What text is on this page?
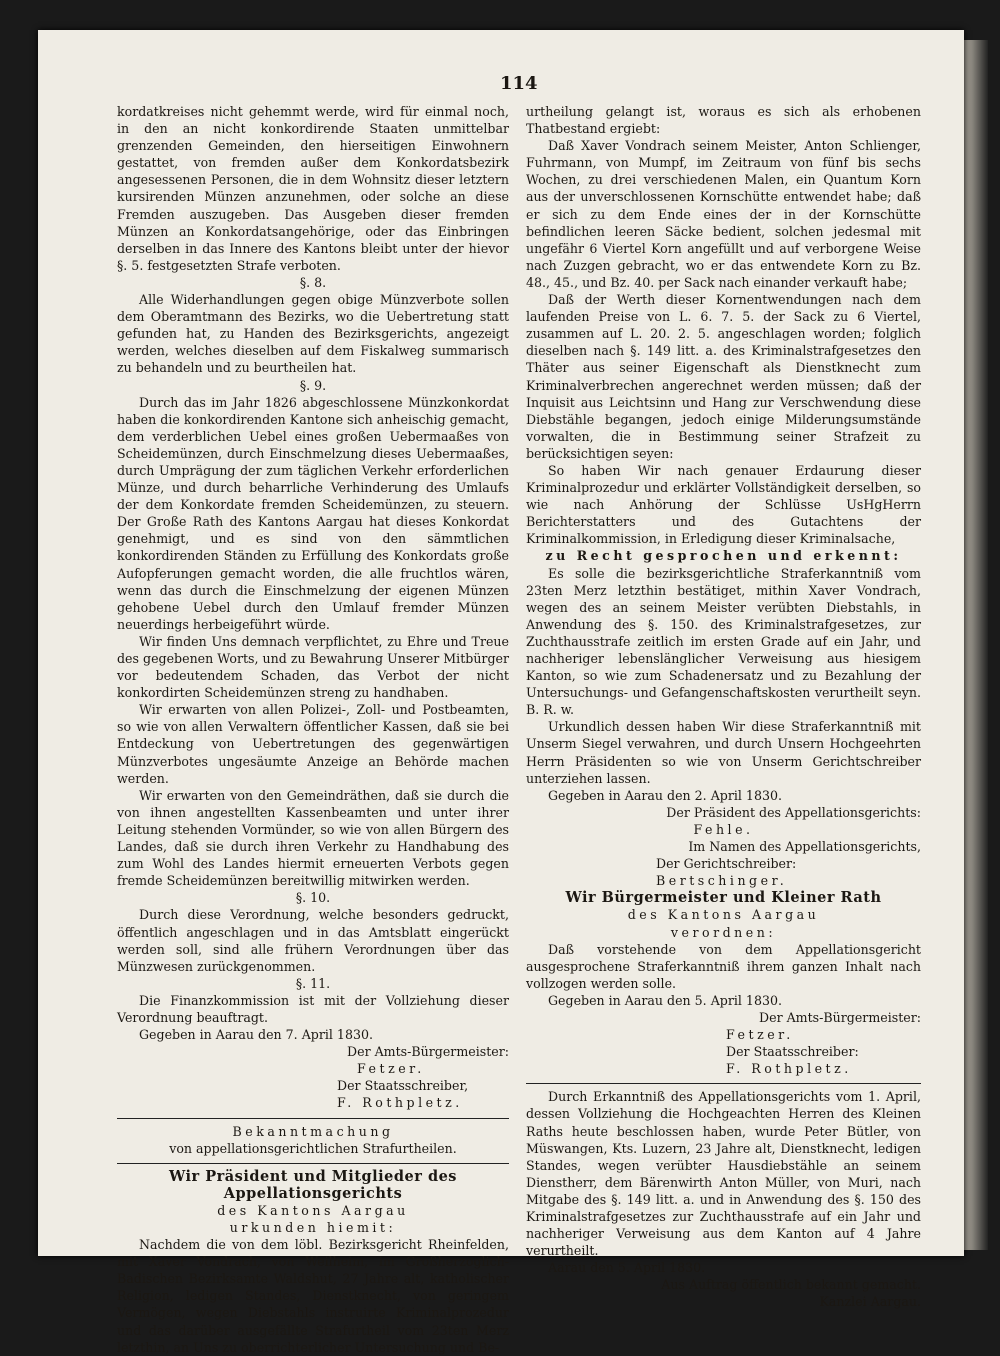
114

kordatkreises nicht gehemmt werde, wird für einmal noch, in den an nicht konkordirende Staaten unmittelbar grenzenden Gemeinden, den hierseitigen Einwohnern gestattet, von fremden außer dem Konkordatsbezirk angesessenen Personen, die in dem Wohnsitz dieser letztern kursirenden Münzen anzunehmen, oder solche an diese Fremden auszugeben. Das Ausgeben dieser fremden Münzen an Konkordatsangehörige, oder das Einbringen derselben in das Innere des Kantons bleibt unter der hievor §. 5. festgesetzten Strafe verboten.

§. 8.

Alle Widerhandlungen gegen obige Münzverbote sollen dem Oberamtmann des Bezirks, wo die Uebertretung statt gefunden hat, zu Handen des Bezirksgerichts, angezeigt werden, welches dieselben auf dem Fiskalweg summarisch zu behandeln und zu beurtheilen hat.

§. 9.

Durch das im Jahr 1826 abgeschlossene Münzkonkordat haben die konkordirenden Kantone sich anheischig gemacht, dem verderblichen Uebel eines großen Uebermaaßes von Scheidemünzen, durch Einschmelzung dieses Uebermaaßes, durch Umprägung der zum täglichen Verkehr erforderlichen Münze, und durch beharrliche Verhinderung des Umlaufs der dem Konkordate fremden Scheidemünzen, zu steuern. Der Große Rath des Kantons Aargau hat dieses Konkordat genehmigt, und es sind von den sämmtlichen konkordirenden Ständen zu Erfüllung des Konkordats große Aufopferungen gemacht worden, die alle fruchtlos wären, wenn das durch die Einschmelzung der eigenen Münzen gehobene Uebel durch den Umlauf fremder Münzen neuerdings herbeigeführt würde.

Wir finden Uns demnach verpflichtet, zu Ehre und Treue des gegebenen Worts, und zu Bewahrung Unserer Mitbürger vor bedeutendem Schaden, das Verbot der nicht konkordirten Scheidemünzen streng zu handhaben.

Wir erwarten von allen Polizei-, Zoll- und Postbeamten, so wie von allen Verwaltern öffentlicher Kassen, daß sie bei Entdeckung von Uebertretungen des gegenwärtigen Münzverbotes ungesäumte Anzeige an Behörde machen werden.

Wir erwarten von den Gemeindräthen, daß sie durch die von ihnen angestellten Kassenbeamten und unter ihrer Leitung stehenden Vormünder, so wie von allen Bürgern des Landes, daß sie durch ihren Verkehr zu Handhabung des zum Wohl des Landes hiermit erneuerten Verbots gegen fremde Scheidemünzen bereitwillig mitwirken werden.

§. 10.

Durch diese Verordnung, welche besonders gedruckt, öffentlich angeschlagen und in das Amtsblatt eingerückt werden soll, sind alle frühern Verordnungen über das Münzwesen zurückgenommen.

§. 11.

Die Finanzkommission ist mit der Vollziehung dieser Verordnung beauftragt.

Gegeben in Aarau den 7. April 1830.

Der Amts-Bürgermeister:

Fetzer.

Der Staatsschreiber,

F. Rothpletz.

Bekanntmachung

von appellationsgerichtlichen Strafurtheilen.

Wir Präsident und Mitglieder des Appellationsgerichts

des Kantons Aargau

urkunden hiemit:

Nachdem die von dem löbl. Bezirksgericht Rheinfelden, mit Xaver Vondrach, von Weilheim, im Großherzoglich-Badischen Bezirksamte Waldshut, 27 Jahre alt, katholischer Religion, ledigen Standes, Dienstknecht, von geringem Vermögen, wegen Diebstahls instruirte Kriminalprozedur und das darüber ausgefällte Strafurtheil vom 23ten Merz letzthin, an Uns zu oberrichterlicher Untersuchung und Be-

urtheilung gelangt ist, woraus es sich als erhobenen Thatbestand ergiebt:

Daß Xaver Vondrach seinem Meister, Anton Schlienger, Fuhrmann, von Mumpf, im Zeitraum von fünf bis sechs Wochen, zu drei verschiedenen Malen, ein Quantum Korn aus der unverschlossenen Kornschütte entwendet habe; daß er sich zu dem Ende eines der in der Kornschütte befindlichen leeren Säcke bedient, solchen jedesmal mit ungefähr 6 Viertel Korn angefüllt und auf verborgene Weise nach Zuzgen gebracht, wo er das entwendete Korn zu Bz. 48., 45., und Bz. 40. per Sack nach einander verkauft habe;

Daß der Werth dieser Kornentwendungen nach dem laufenden Preise von L. 6. 7. 5. der Sack zu 6 Viertel, zusammen auf L. 20. 2. 5. angeschlagen worden; folglich dieselben nach §. 149 litt. a. des Kriminalstrafgesetzes den Thäter aus seiner Eigenschaft als Dienstknecht zum Kriminalverbrechen angerechnet werden müssen; daß der Inquisit aus Leichtsinn und Hang zur Verschwendung diese Diebstähle begangen, jedoch einige Milderungsumstände vorwalten, die in Bestimmung seiner Strafzeit zu berücksichtigen seyen:

So haben Wir nach genauer Erdaurung dieser Kriminalprozedur und erklärter Vollständigkeit derselben, so wie nach Anhörung der Schlüsse UsHgHerrn Berichterstatters und des Gutachtens der Kriminalkommission, in Erledigung dieser Kriminalsache,

zu Recht gesprochen und erkennt:

Es solle die bezirksgerichtliche Straferkanntniß vom 23ten Merz letzthin bestätiget, mithin Xaver Vondrach, wegen des an seinem Meister verübten Diebstahls, in Anwendung des §. 150. des Kriminalstrafgesetzes, zur Zuchthausstrafe zeitlich im ersten Grade auf ein Jahr, und nachheriger lebenslänglicher Verweisung aus hiesigem Kanton, so wie zum Schadenersatz und zu Bezahlung der Untersuchungs- und Gefangenschaftskosten verurtheilt seyn. B. R. w.

Urkundlich dessen haben Wir diese Straferkanntniß mit Unserm Siegel verwahren, und durch Unsern Hochgeehrten Herrn Präsidenten so wie von Unserm Gerichtschreiber unterziehen lassen.

Gegeben in Aarau den 2. April 1830.

Der Präsident des Appellationsgerichts:

Fehle.

Im Namen des Appellationsgerichts,

Der Gerichtschreiber:

Bertschinger.

Wir Bürgermeister und Kleiner Rath

des Kantons Aargau

verordnen:

Daß vorstehende von dem Appellationsgericht ausgesprochene Straferkanntniß ihrem ganzen Inhalt nach vollzogen werden solle.

Gegeben in Aarau den 5. April 1830.

Der Amts-Bürgermeister:

Fetzer.

Der Staatsschreiber:

F. Rothpletz.

Durch Erkanntniß des Appellationsgerichts vom 1. April, dessen Vollziehung die Hochgeachten Herren des Kleinen Raths heute beschlossen haben, wurde Peter Bütler, von Müswangen, Kts. Luzern, 23 Jahre alt, Dienstknecht, ledigen Standes, wegen verübter Hausdiebstähle an seinem Dienstherr, dem Bärenwirth Anton Müller, von Muri, nach Mitgabe des §. 149 litt. a. und in Anwendung des §. 150 des Kriminalstrafgesetzes zur Zuchthausstrafe auf ein Jahr und nachheriger Verweisung aus dem Kanton auf 4 Jahre verurtheilt.

Aarau den 5. April 1830.

Aus Auftrag öffentlich bekannt gemacht.

Kanzlei Aargau.
